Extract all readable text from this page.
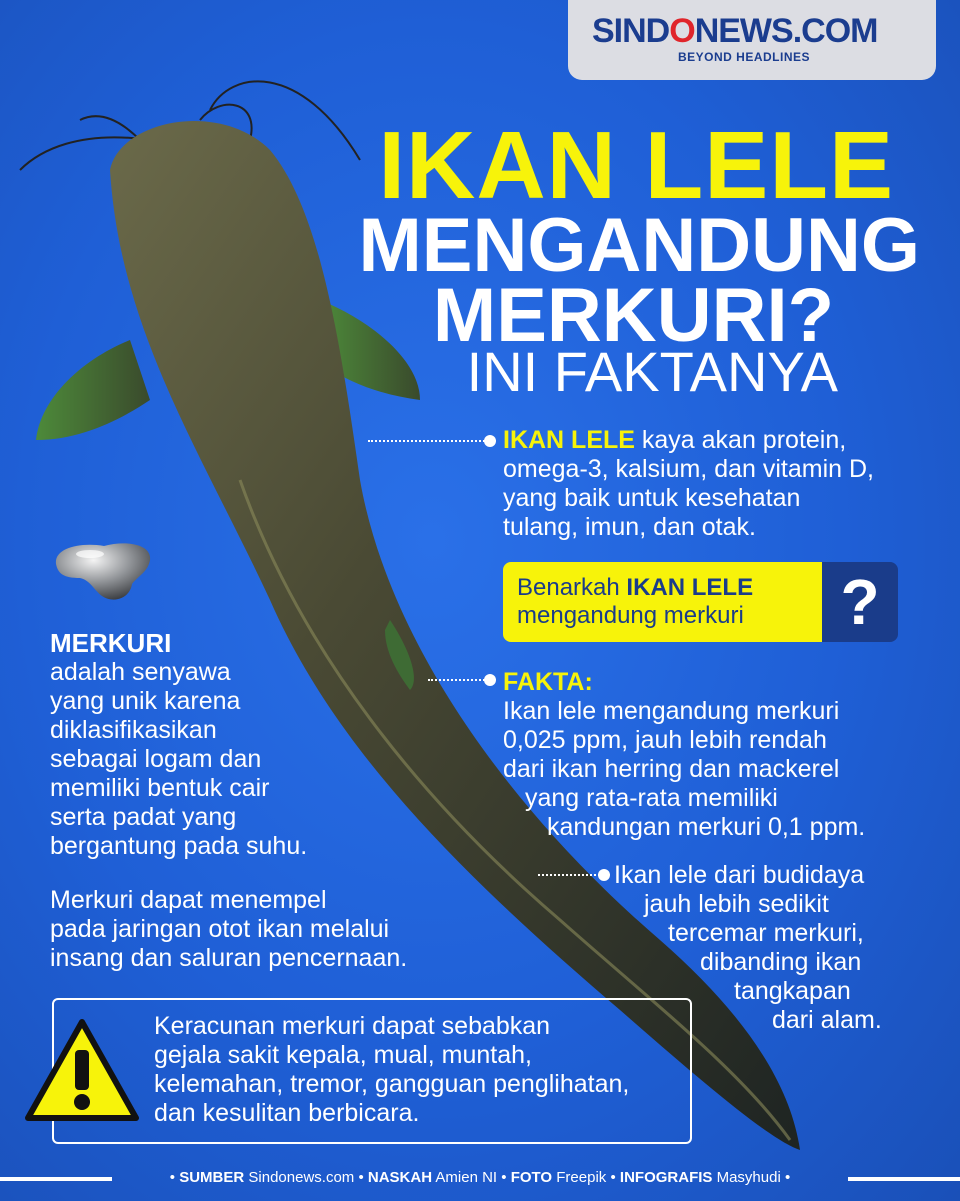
SINDONEWS.COM
BEYOND HEADLINES
IKAN LELE
MENGANDUNG
MERKURI?
INI FAKTANYA
IKAN LELE kaya akan protein,
omega-3, kalsium, dan vitamin D,
yang baik untuk kesehatan
tulang, imun, dan otak.
Benarkah IKAN LELE
mengandung merkuri	?
FAKTA:
Ikan lele mengandung merkuri
0,025 ppm, jauh lebih rendah
dari ikan herring dan mackerel
yang rata-rata memiliki
kandungan merkuri 0,1 ppm.
Ikan lele dari budidaya
jauh lebih sedikit
tercemar merkuri,
dibanding ikan
tangkapan
dari alam.
MERKURI
adalah senyawa
yang unik karena
diklasifikasikan
sebagai logam dan
memiliki bentuk cair
serta padat yang
bergantung pada suhu.
Merkuri dapat menempel
pada jaringan otot ikan melalui
insang dan saluran pencernaan.
Keracunan merkuri dapat sebabkan
gejala sakit kepala, mual, muntah,
kelemahan, tremor, gangguan penglihatan,
dan kesulitan berbicara.
• SUMBER Sindonews.com • NASKAH Amien NI • FOTO Freepik • INFOGRAFIS Masyhudi •
